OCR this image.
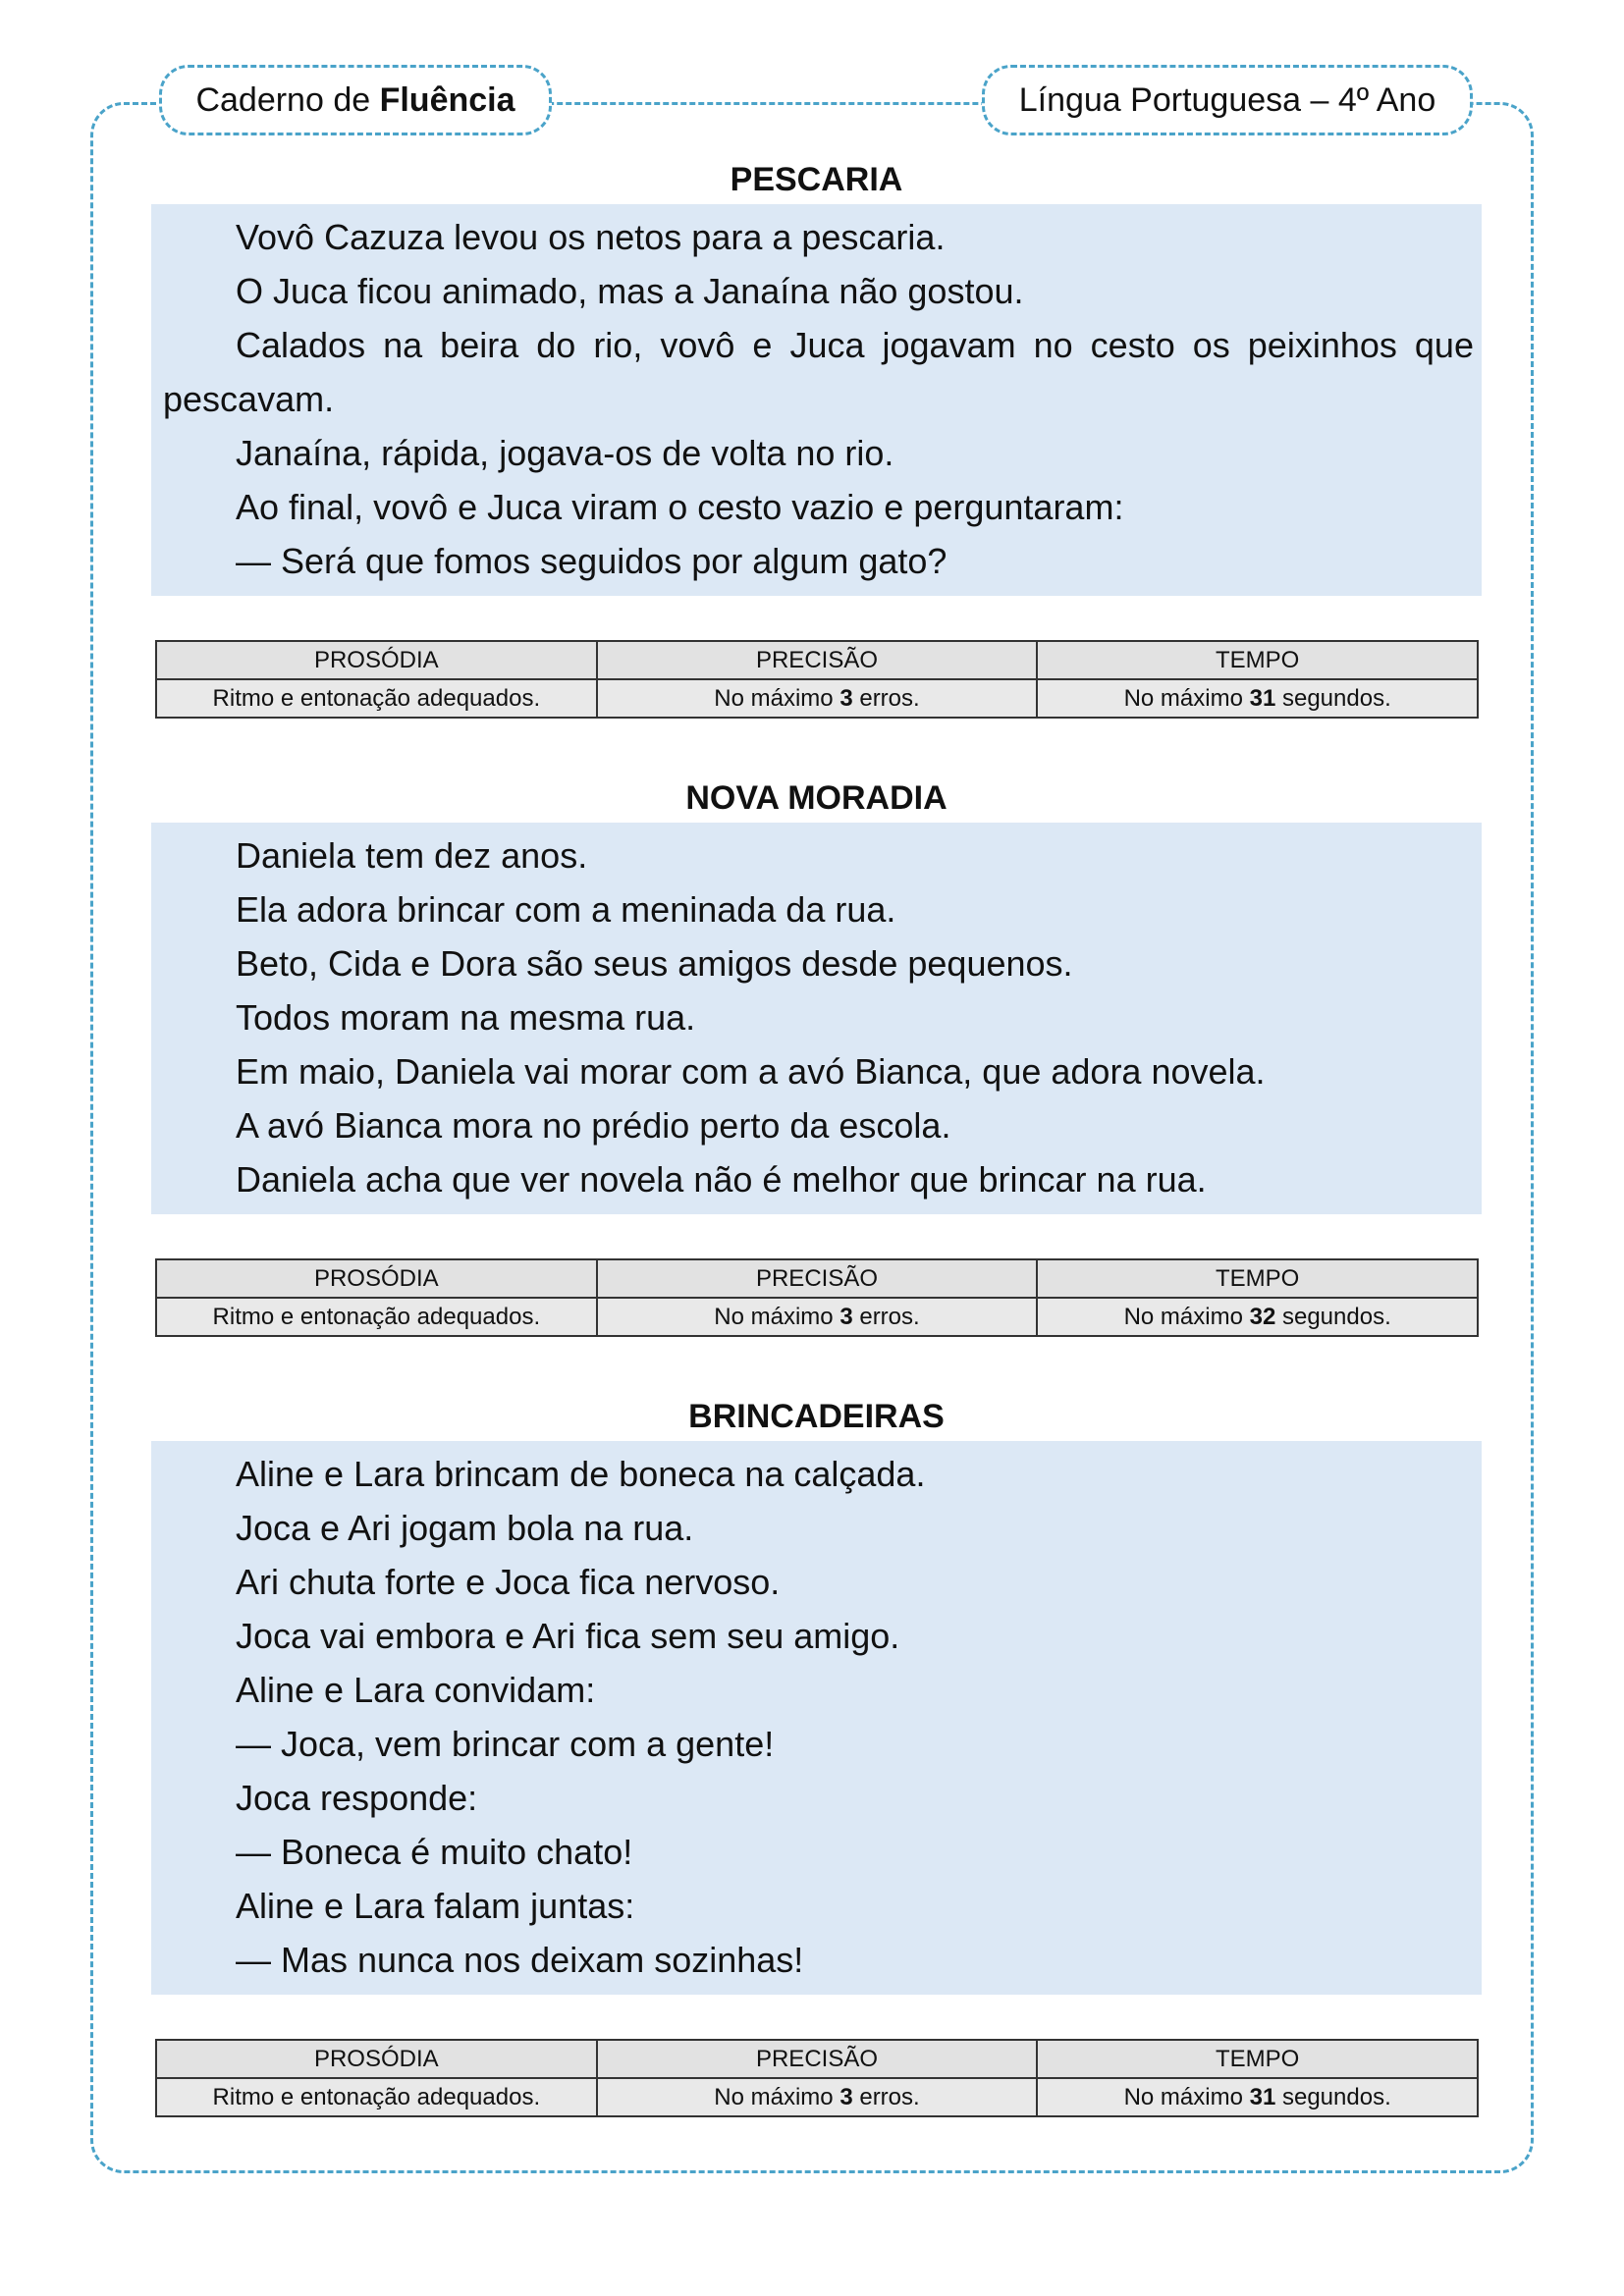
Caderno de
Fluência	Língua Portuguesa – 4º Ano
PESCARIA
Vovô Cazuza levou os netos para a pescaria.
O Juca ficou animado, mas a Janaína não gostou.
Calados na beira do rio, vovô e Juca jogavam no cesto os peixinhos que
pescavam.
Janaína, rápida, jogava-os de volta no rio.
Ao final, vovô e Juca viram o cesto vazio e perguntaram:
— Será que fomos seguidos por algum gato?
PROSÓDIA	PRECISÃO	TEMPO
Ritmo e entonação adequados.	No máximo 3 erros.	No máximo 31 segundos.
NOVA MORADIA
Daniela tem dez anos.
Ela adora brincar com a meninada da rua.
Beto, Cida e Dora são seus amigos desde pequenos.
Todos moram na mesma rua.
Em maio, Daniela vai morar com a avó Bianca, que adora novela.
A avó Bianca mora no prédio perto da escola.
Daniela acha que ver novela não é melhor que brincar na rua.
PROSÓDIA	PRECISÃO	TEMPO
Ritmo e entonação adequados.	No máximo 3 erros.	No máximo 32 segundos.
BRINCADEIRAS
Aline e Lara brincam de boneca na calçada.
Joca e Ari jogam bola na rua.
Ari chuta forte e Joca fica nervoso.
Joca vai embora e Ari fica sem seu amigo.
Aline e Lara convidam:
— Joca, vem brincar com a gente!
Joca responde:
— Boneca é muito chato!
Aline e Lara falam juntas:
— Mas nunca nos deixam sozinhas!
PROSÓDIA	PRECISÃO	TEMPO
Ritmo e entonação adequados.	No máximo 3 erros.	No máximo 31 segundos.
